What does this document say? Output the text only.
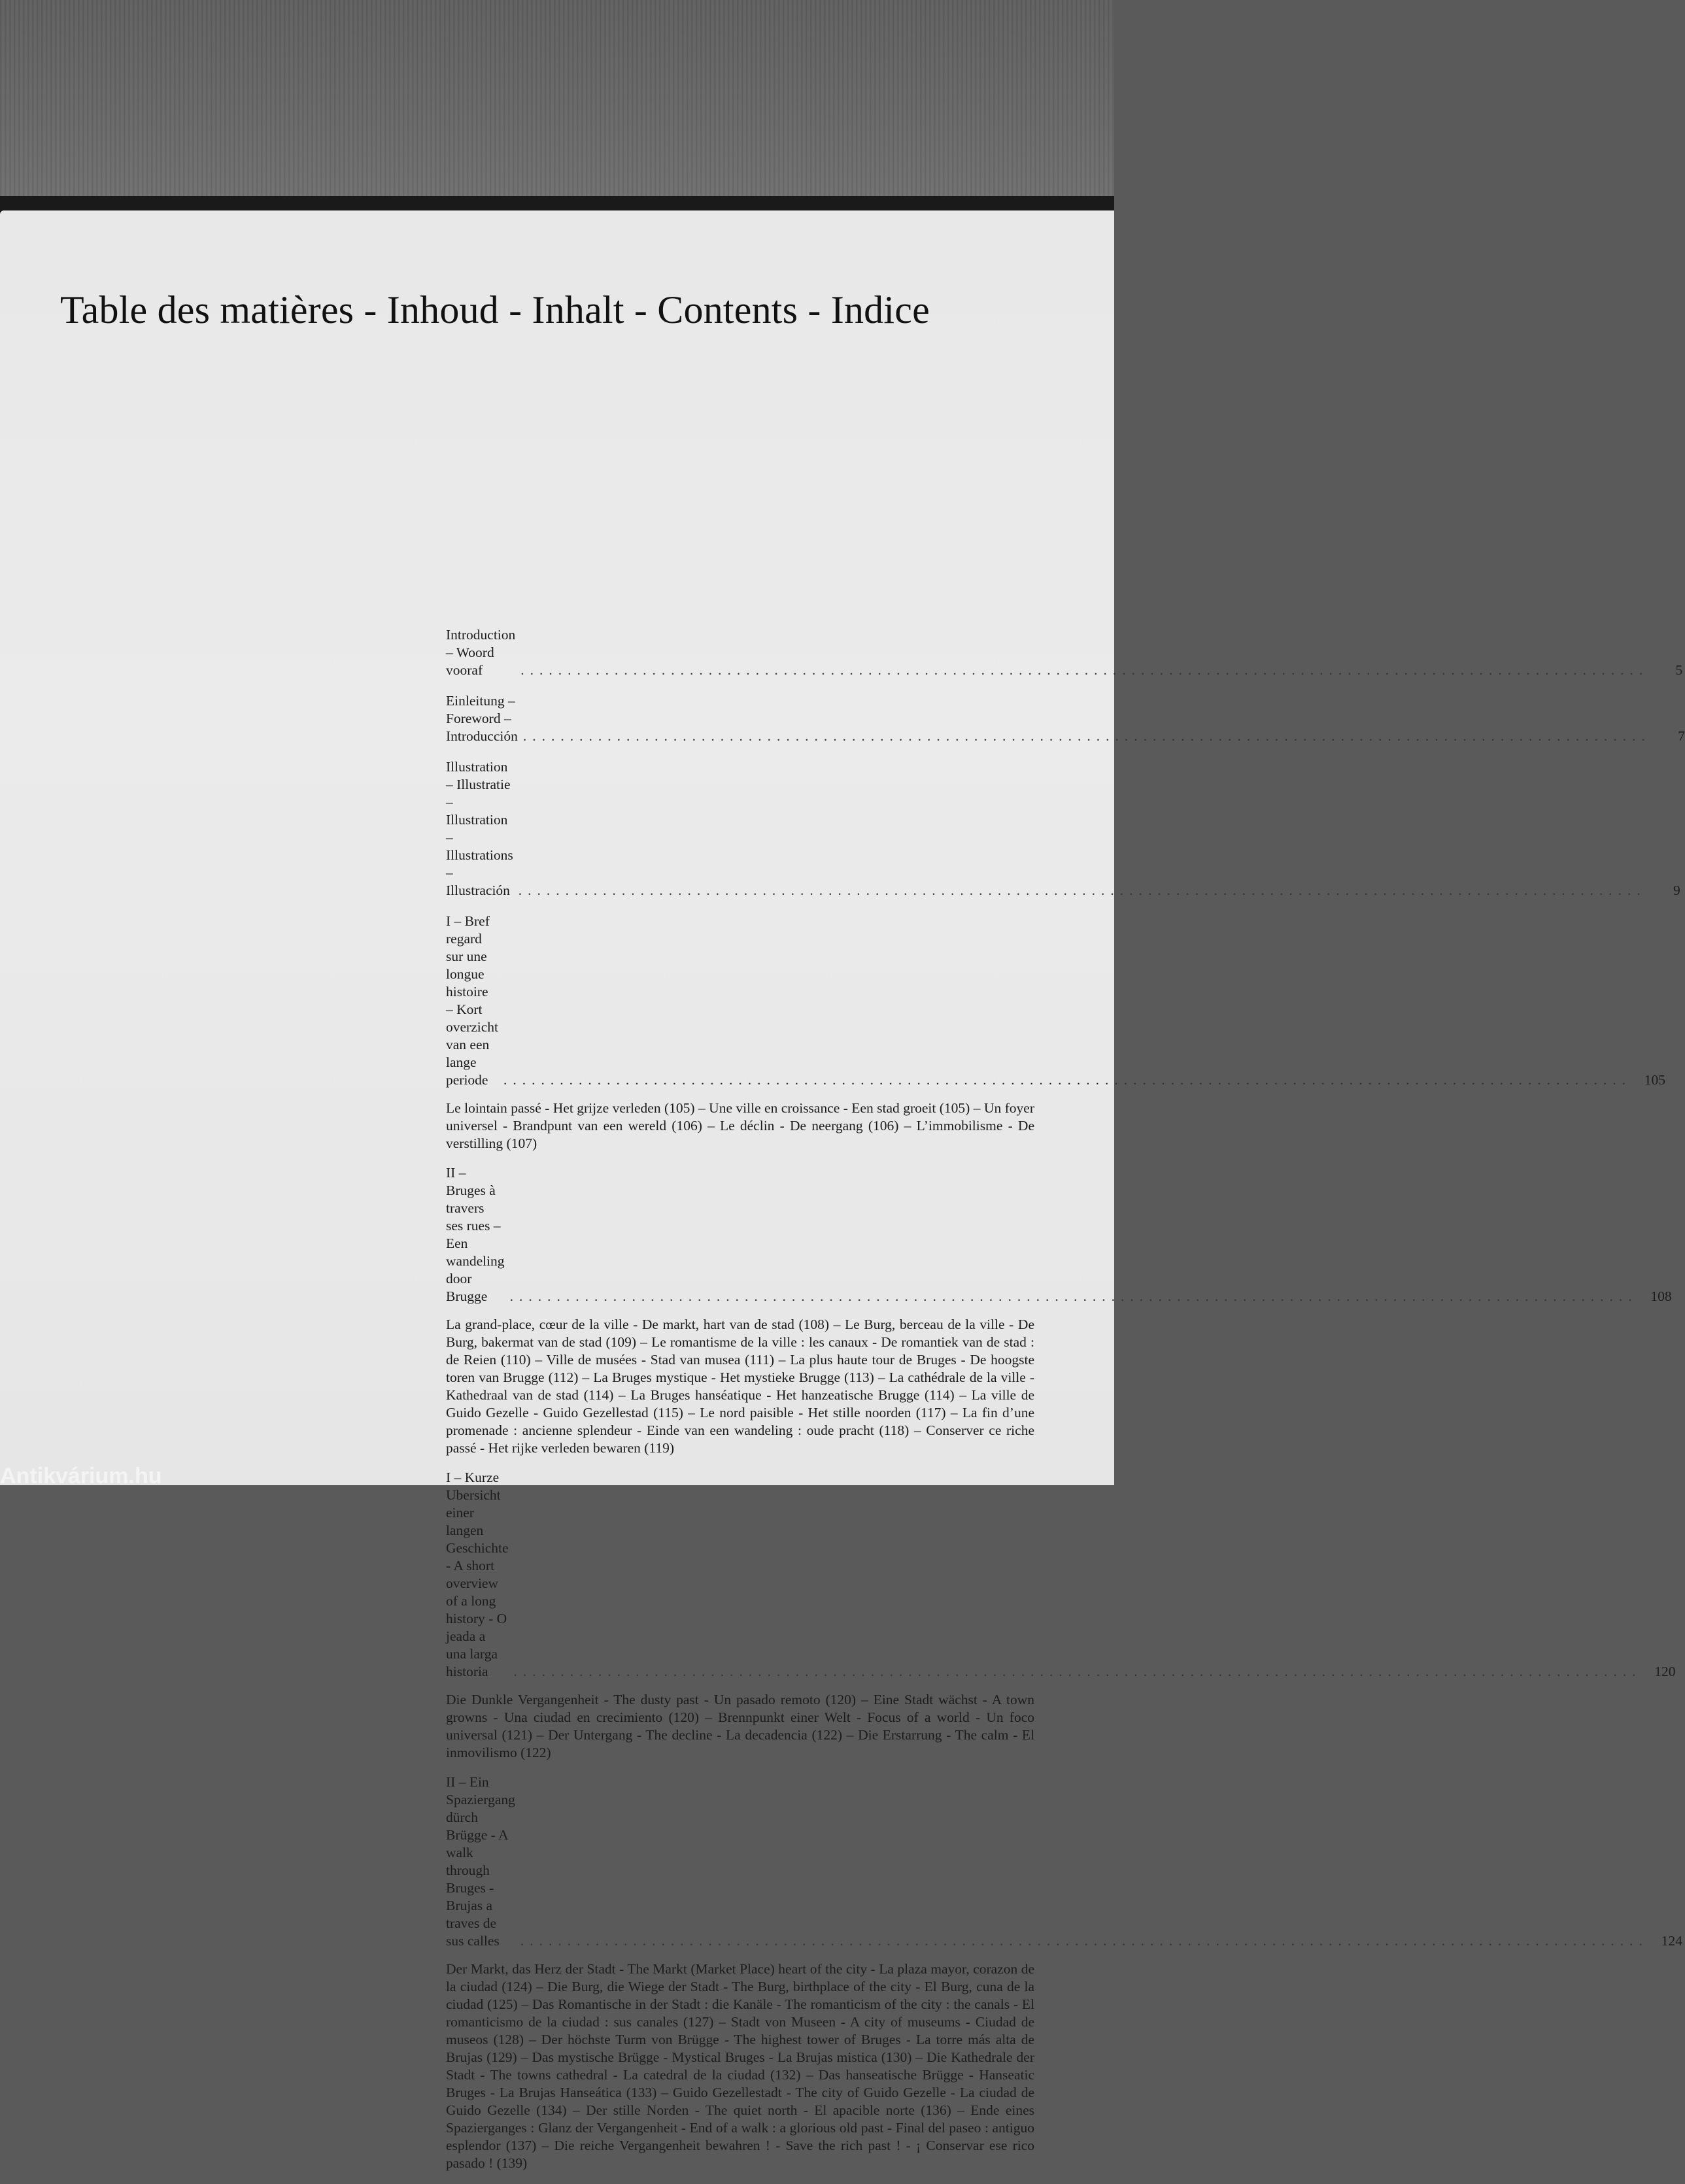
Table des matières - Inhoud - Inhalt - Contents - Indice
Introduction – Woord vooraf	........................................................................................................................	5
Einleitung – Foreword – Introducción ........................................................................................................................	7
Illustration – Illustratie – Illustration – Illustrations – Illustración ........................................................................................................................	9
I – Bref regard sur une longue histoire – Kort overzicht van een lange periode	........................................................................................................................ 105
Le lointain passé - Het grijze verleden (105) – Une ville en croissance - Een stad groeit (105) – Un foyer universel - Brandpunt van een wereld (106) – Le déclin - De neergang (106) – L’immobilisme - De verstilling (107)
II – Bruges à travers ses rues – Een wandeling door Brugge	........................................................................................................................ 108
La grand-place, cœur de la ville - De markt, hart van de stad (108) – Le Burg, berceau de la ville - De Burg, bakermat van de stad (109) – Le romantisme de la ville : les canaux - De romantiek van de stad : de Reien (110) – Ville de musées - Stad van musea (111) – La plus haute tour de Bruges - De hoogste toren van Brugge (112) – La Bruges mystique - Het mystieke Brugge (113) – La cathédrale de la ville - Kathedraal van de stad (114) – La Bruges hanséatique - Het hanzeatische Brugge (114) – La ville de Guido Gezelle - Guido Gezellestad (115) – Le nord paisible - Het stille noorden (117) – La fin d’une promenade : ancienne splendeur - Einde van een wandeling : oude pracht (118) – Conserver ce riche passé - Het rijke verleden bewaren (119)
I – Kurze Ubersicht einer langen Geschichte - A short overview of a long history - O jeada a una larga historia	........................................................................................................................ 120
Die Dunkle Vergangenheit - The dusty past - Un pasado remoto (120) – Eine Stadt wächst - A town growns - Una ciudad en crecimiento (120) – Brennpunkt einer Welt - Focus of a world - Un foco universal (121) – Der Untergang - The decline - La decadencia (122) – Die Erstarrung - The calm - El inmovilismo (122)
II – Ein Spaziergang dürch Brügge - A walk through Bruges - Brujas a traves de sus calles	........................................................................................................................ 124
Der Markt, das Herz der Stadt - The Markt (Market Place) heart of the city - La plaza mayor, corazon de la ciudad (124) – Die Burg, die Wiege der Stadt - The Burg, birthplace of the city - El Burg, cuna de la ciudad (125) – Das Romantische in der Stadt : die Kanäle - The romanticism of the city : the canals - El romanticismo de la ciudad : sus canales (127) – Stadt von Museen - A city of museums - Ciudad de museos (128) – Der höchste Turm von Brügge - The highest tower of Bruges - La torre más alta de Brujas (129) – Das mystische Brügge - Mystical Bruges - La Brujas mistica (130) – Die Kathedrale der Stadt - The towns cathedral - La catedral de la ciudad (132) – Das hanseatische Brügge - Hanseatic Bruges - La Brujas Hanseática (133) – Guido Gezellestadt - The city of Guido Gezelle - La ciudad de Guido Gezelle (134) – Der stille Norden - The quiet north - El apacible norte (136) – Ende eines Spazierganges : Glanz der Vergangenheit - End of a walk : a glorious old past - Final del paseo : antiguo esplendor (137) – Die reiche Vergangenheit bewahren ! - Save the rich past ! - ¡ Conservar ese rico pasado ! (139)
Antikvárium.hu
